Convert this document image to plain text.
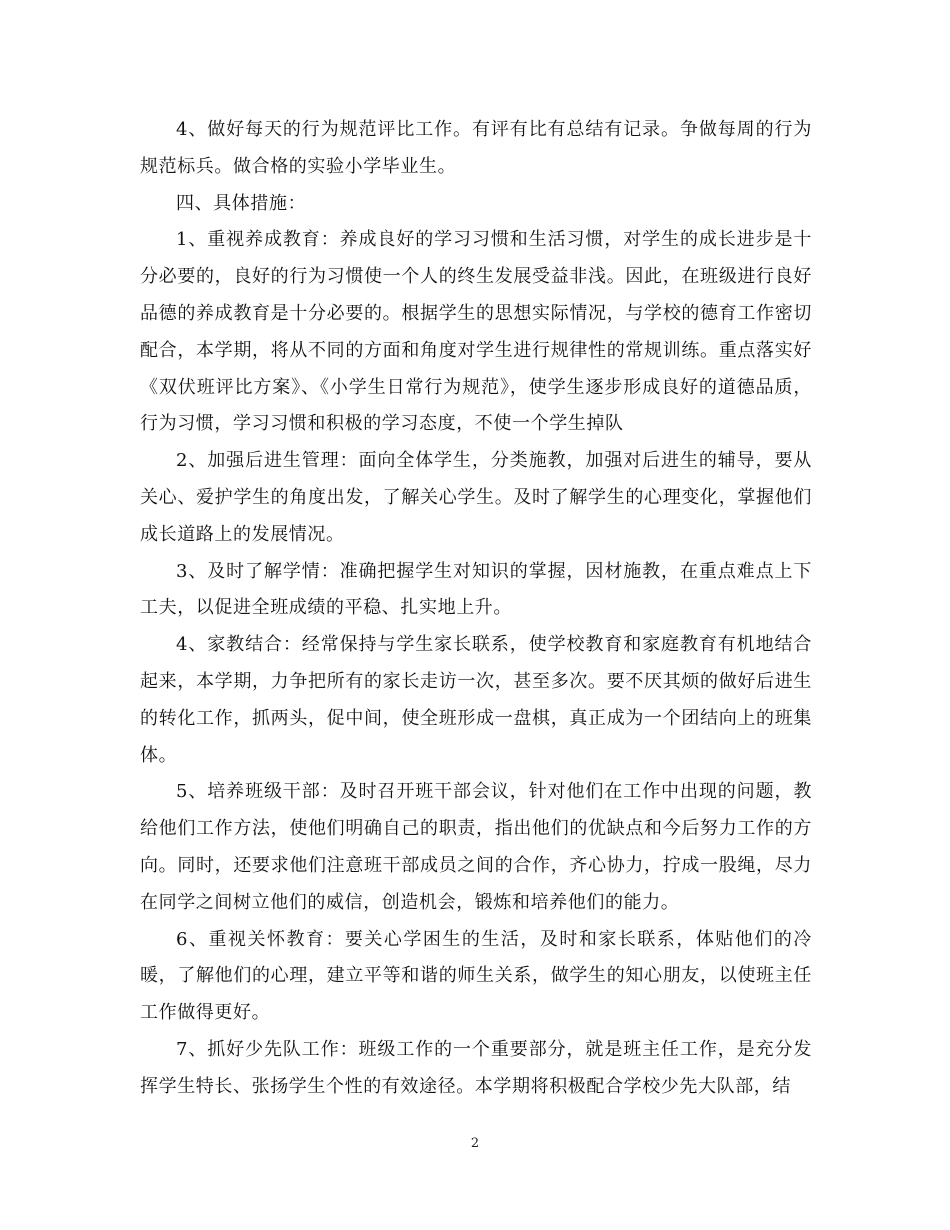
4、做好每天的行为规范评比工作。有评有比有总结有记录。争做每周的行为规范标兵。做合格的实验小学毕业生。

四、具体措施：

1、重视养成教育：养成良好的学习习惯和生活习惯，对学生的成长进步是十分必要的，良好的行为习惯使一个人的终生发展受益非浅。因此，在班级进行良好品德的养成教育是十分必要的。根据学生的思想实际情况，与学校的德育工作密切配合，本学期，将从不同的方面和角度对学生进行规律性的常规训练。重点落实好《双伏班评比方案》、《小学生日常行为规范》，使学生逐步形成良好的道德品质，行为习惯，学习习惯和积极的学习态度，不使一个学生掉队

2、加强后进生管理：面向全体学生，分类施教，加强对后进生的辅导，要从关心、爱护学生的角度出发，了解关心学生。及时了解学生的心理变化，掌握他们成长道路上的发展情况。

3、及时了解学情：准确把握学生对知识的掌握，因材施教，在重点难点上下工夫，以促进全班成绩的平稳、扎实地上升。

4、家教结合：经常保持与学生家长联系，使学校教育和家庭教育有机地结合起来，本学期，力争把所有的家长走访一次，甚至多次。要不厌其烦的做好后进生的转化工作，抓两头，促中间，使全班形成一盘棋，真正成为一个团结向上的班集体。

5、培养班级干部：及时召开班干部会议，针对他们在工作中出现的问题，教给他们工作方法，使他们明确自己的职责，指出他们的优缺点和今后努力工作的方向。同时，还要求他们注意班干部成员之间的合作，齐心协力，拧成一股绳，尽力在同学之间树立他们的威信，创造机会，锻炼和培养他们的能力。

6、重视关怀教育：要关心学困生的生活，及时和家长联系，体贴他们的冷暖，了解他们的心理，建立平等和谐的师生关系，做学生的知心朋友，以使班主任工作做得更好。

7、抓好少先队工作：班级工作的一个重要部分，就是班主任工作，是充分发挥学生特长、张扬学生个性的有效途径。本学期将积极配合学校少先大队部，结

2
